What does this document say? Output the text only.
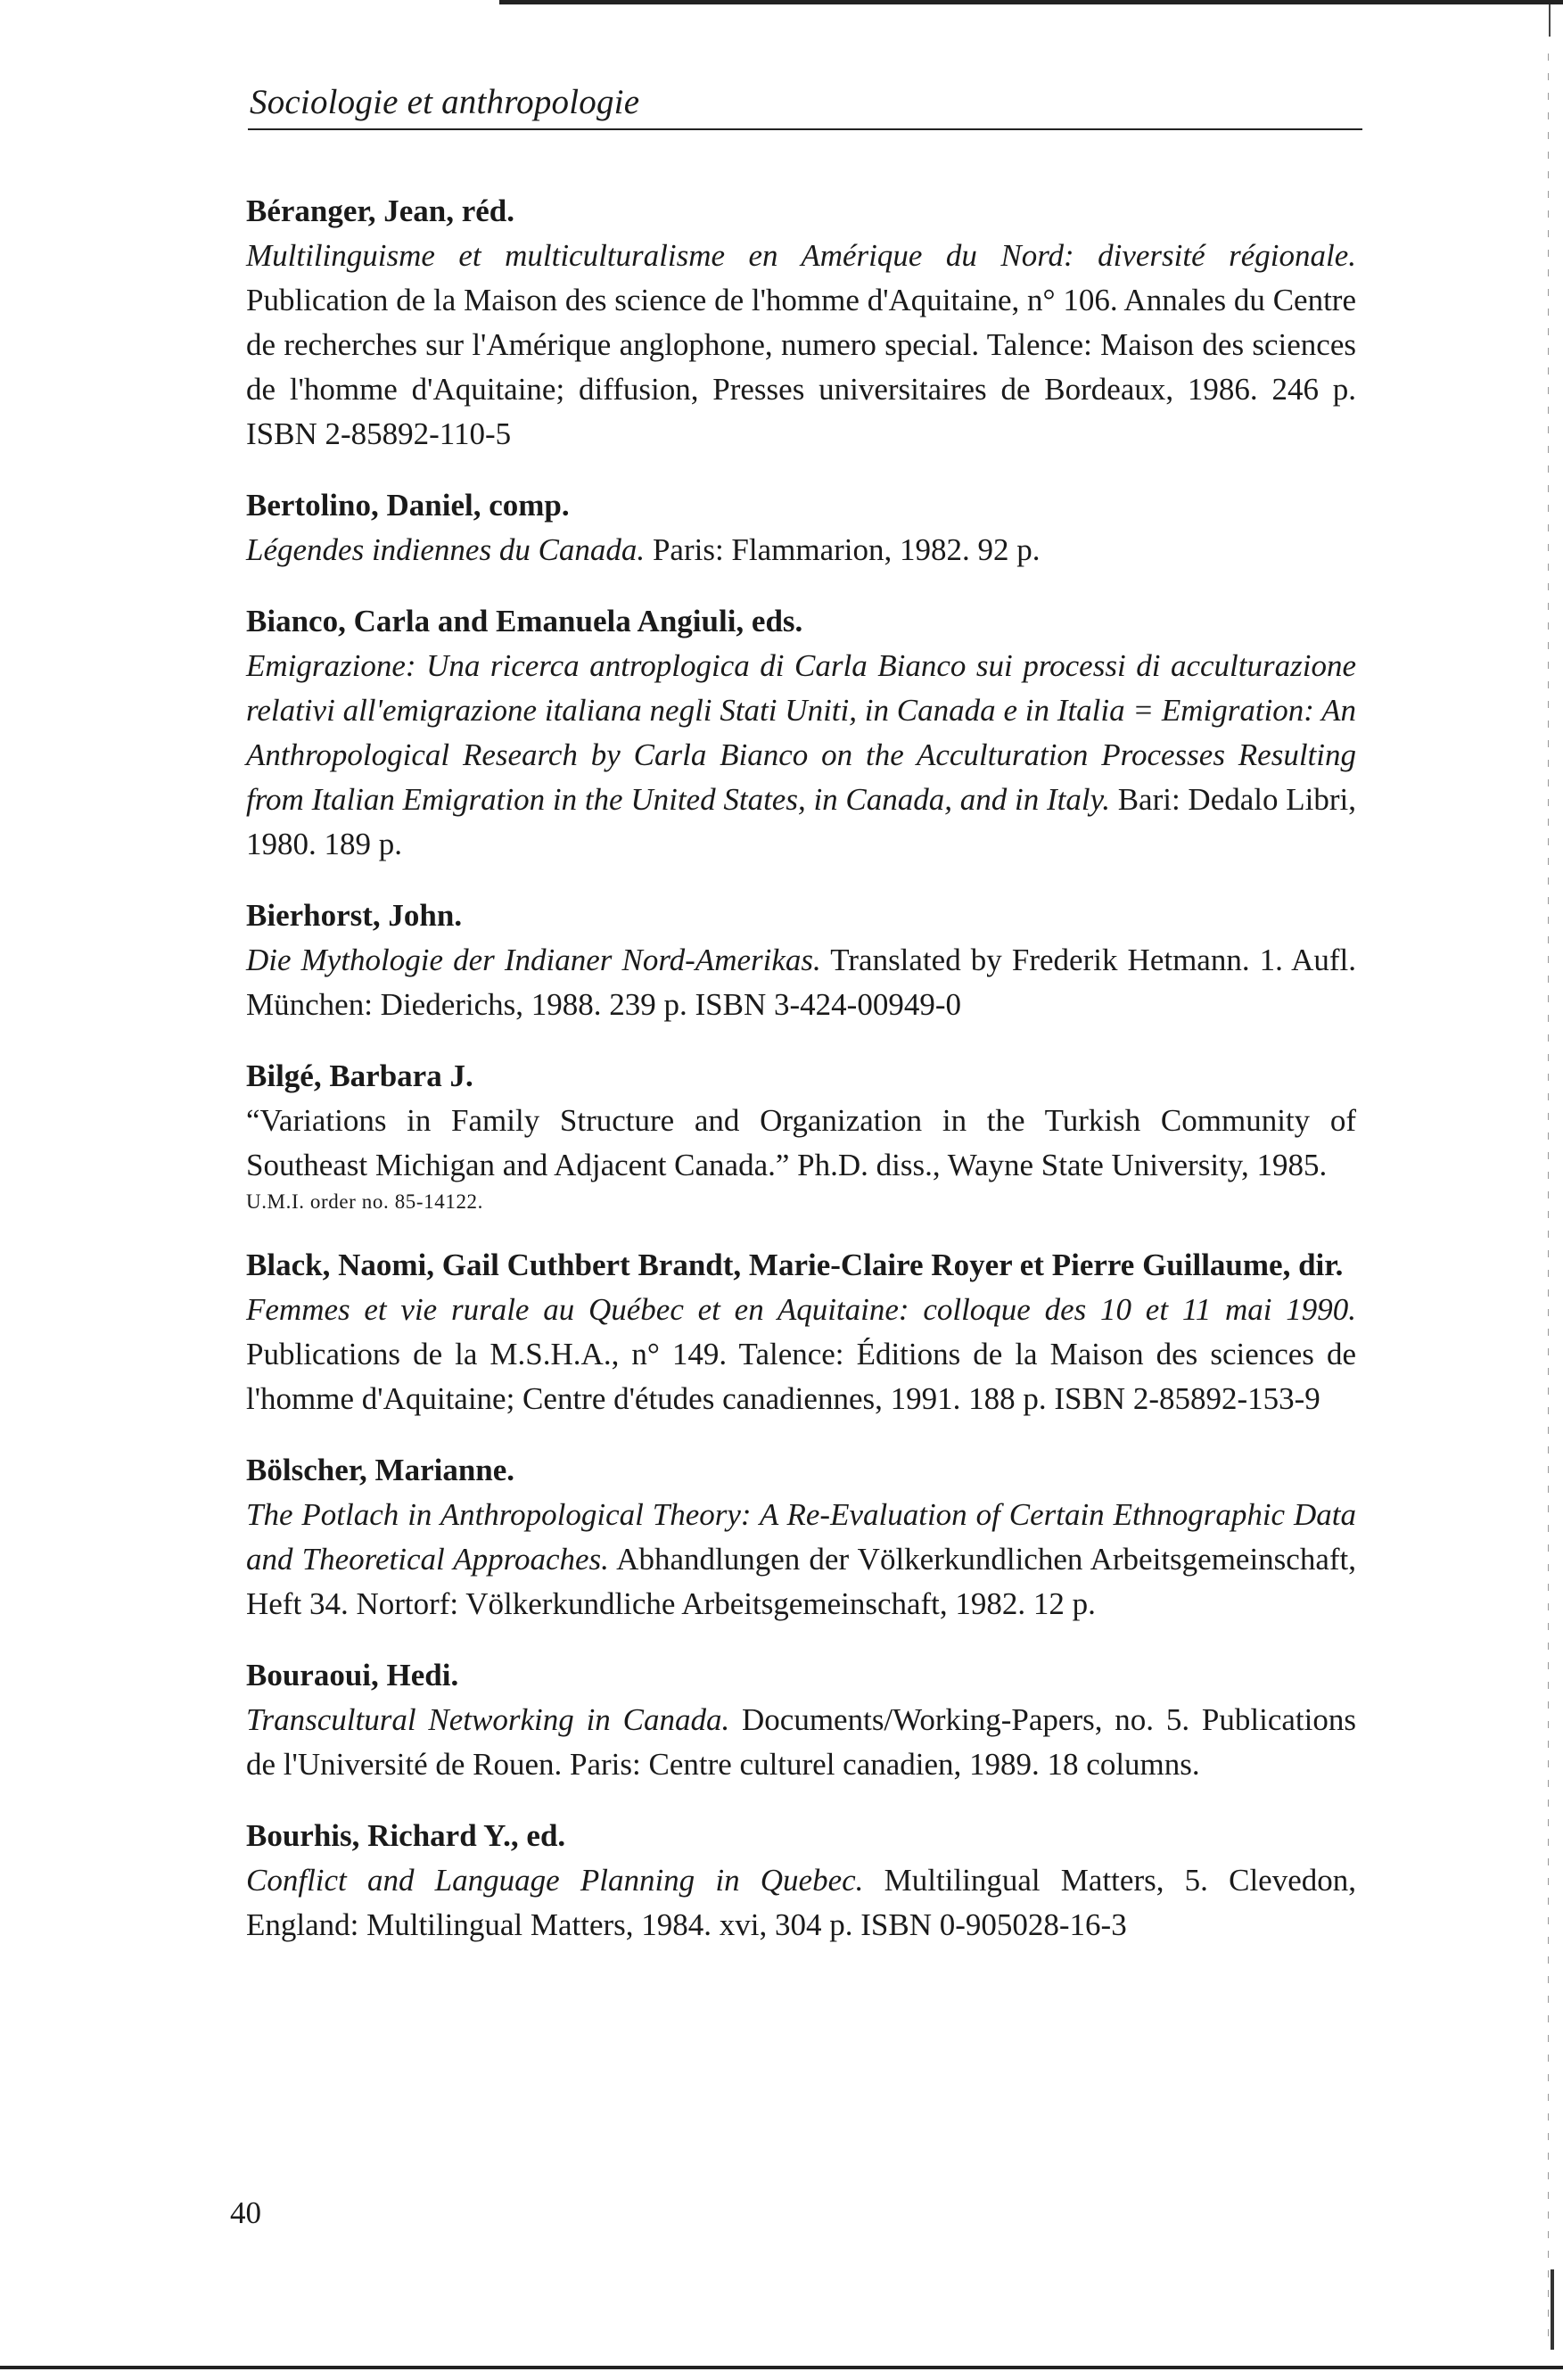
Sociologie et anthropologie
Béranger, Jean, réd.
Multilinguisme et multiculturalisme en Amérique du Nord: diversité régionale. Publication de la Maison des science de l'homme d'Aquitaine, n° 106. Annales du Centre de recherches sur l'Amérique anglophone, numero special. Talence: Maison des sciences de l'homme d'Aquitaine; diffusion, Presses universitaires de Bordeaux, 1986. 246 p. ISBN 2-85892-110-5
Bertolino, Daniel, comp.
Légendes indiennes du Canada. Paris: Flammarion, 1982. 92 p.
Bianco, Carla and Emanuela Angiuli, eds.
Emigrazione: Una ricerca antroplogica di Carla Bianco sui processi di acculturazione relativi all'emigrazione italiana negli Stati Uniti, in Canada e in Italia = Emigration: An Anthropological Research by Carla Bianco on the Acculturation Processes Resulting from Italian Emigration in the United States, in Canada, and in Italy. Bari: Dedalo Libri, 1980. 189 p.
Bierhorst, John.
Die Mythologie der Indianer Nord-Amerikas. Translated by Frederik Hetmann. 1. Aufl. München: Diederichs, 1988. 239 p. ISBN 3-424-00949-0
Bilgé, Barbara J.
“Variations in Family Structure and Organization in the Turkish Community of Southeast Michigan and Adjacent Canada.” Ph.D. diss., Wayne State University, 1985.
U.M.I. order no. 85-14122.
Black, Naomi, Gail Cuthbert Brandt, Marie-Claire Royer et Pierre Guillaume, dir.
Femmes et vie rurale au Québec et en Aquitaine: colloque des 10 et 11 mai 1990. Publications de la M.S.H.A., n° 149. Talence: Éditions de la Maison des sciences de l'homme d'Aquitaine; Centre d'études canadiennes, 1991. 188 p. ISBN 2-85892-153-9
Bölscher, Marianne.
The Potlach in Anthropological Theory: A Re-Evaluation of Certain Ethnographic Data and Theoretical Approaches. Abhandlungen der Völkerkundlichen Arbeitsgemeinschaft, Heft 34. Nortorf: Völkerkundliche Arbeitsgemeinschaft, 1982. 12 p.
Bouraoui, Hedi.
Transcultural Networking in Canada. Documents/Working-Papers, no. 5. Publications de l'Université de Rouen. Paris: Centre culturel canadien, 1989. 18 columns.
Bourhis, Richard Y., ed.
Conflict and Language Planning in Quebec. Multilingual Matters, 5. Clevedon, England: Multilingual Matters, 1984. xvi, 304 p. ISBN 0-905028-16-3
40
